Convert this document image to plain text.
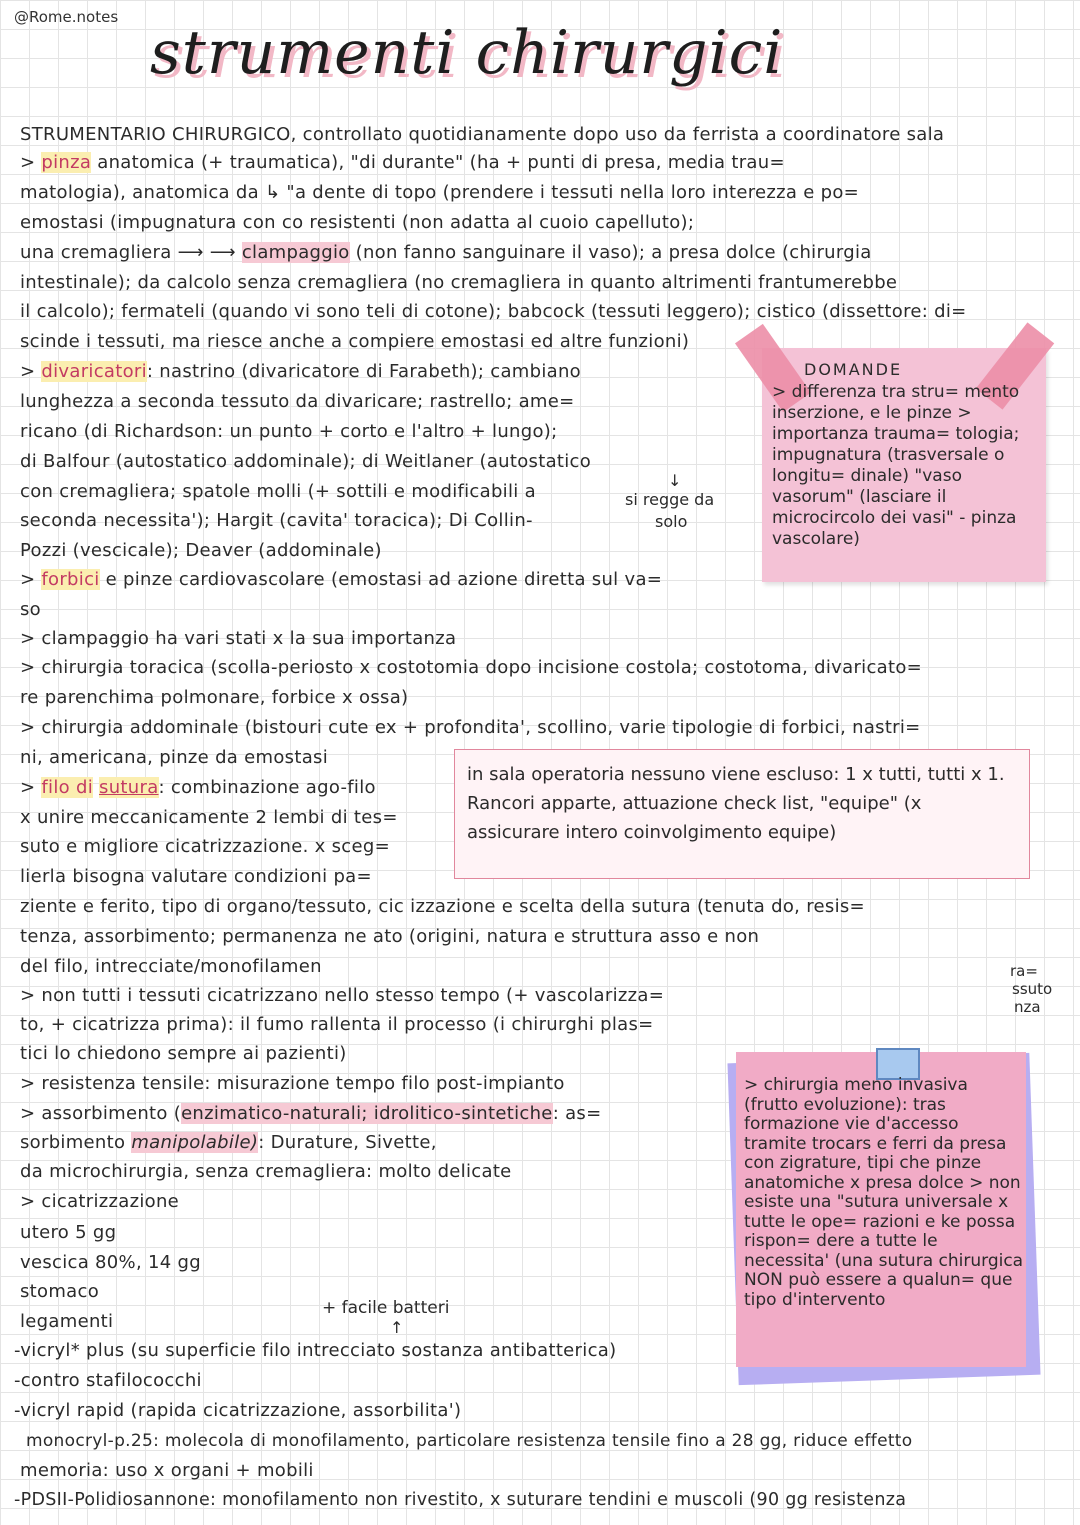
@Rome.notes
strumenti chirurgici
STRUMENTARIO CHIRURGICO, controllato quotidianamente dopo uso da ferrista a coordinatore sala
> pinza anatomica (+ traumatica), "di durante" (ha + punti di presa, media trau=
matologia), anatomica da ↳ "a dente di topo (prendere i tessuti nella loro interezza e po=
emostasi (impugnatura con co resistenti (non adatta al cuoio capelluto);
una cremagliera ⟶ ⟶ clampaggio (non fanno sanguinare il vaso); a presa dolce (chirurgia
intestinale); da calcolo senza cremagliera (no cremagliera in quanto altrimenti frantumerebbe
il calcolo); fermateli (quando vi sono teli di cotone); babcock (tessuti leggero); cistico (dissettore: di=
scinde i tessuti, ma riesce anche a compiere emostasi ed altre funzioni)
> divaricatori: nastrino (divaricatore di Farabeth); cambiano
lunghezza a seconda tessuto da divaricare; rastrello; ame=
ricano (di Richardson: un punto + corto e l'altro + lungo);
di Balfour (autostatico addominale); di Weitlaner (autostatico
↓
con cremagliera; spatole molli (+ sottili e modificabili a	si regge da
seconda necessita'); Hargit (cavita' toracica); Di Collin-	solo
Pozzi (vescicale); Deaver (addominale)
> forbici e pinze cardiovascolare (emostasi ad azione diretta sul va=
so
> clampaggio ha vari stati x la sua importanza
> chirurgia toracica (scolla-periosto x costotomia dopo incisione costola; costotoma, divaricato=
re parenchima polmonare, forbice x ossa)
> chirurgia addominale (bistouri cute ex + profondita', scollino, varie tipologie di forbici, nastri=
ni, americana, pinze da emostasi
> filo di sutura: combinazione ago-filo
x unire meccanicamente 2 lembi di tes=
suto e migliore cicatrizzazione. x sceg=
lierla bisogna valutare condizioni pa=
ziente e ferito, tipo di organo/tessuto, cic izzazione e scelta della sutura (tenuta do, resis=
tenza, assorbimento; permanenza ne ato (origini, natura e struttura asso e non
del filo, intrecciate/monofilamen	ra=
ssuto
nza
> non tutti i tessuti cicatrizzano nello stesso tempo (+ vascolarizza=
to, + cicatrizza prima): il fumo rallenta il processo (i chirurghi plas=
tici lo chiedono sempre ai pazienti)
> resistenza tensile: misurazione tempo filo post-impianto
> assorbimento (enzimatico-naturali; idrolitico-sintetiche: as=
sorbimento manipolabile): Durature, Sivette,
da microchirurgia, senza cremagliera: molto delicate
> cicatrizzazione
utero 5 gg
vescica 80%, 14 gg
stomaco
+ facile batteri
legamenti	↑
-vicryl* plus (su superficie filo intrecciato sostanza antibatterica)
-contro stafilococchi
-vicryl rapid (rapida cicatrizzazione, assorbilita')
monocryl-p.25: molecola di monofilamento, particolare resistenza tensile fino a 28 gg, riduce effetto
memoria: uso x organi + mobili
-PDSII-Polidiosannone: monofilamento non rivestito, x suturare tendini e muscoli (90 gg resistenza
DOMANDE
> differenza tra stru= mento inserzione, e le pinze > importanza trauma= tologia; impugnatura (trasversale o longitu= dinale) "vaso vasorum" (lasciare il microcircolo dei vasi" - pinza vascolare)
in sala operatoria nessuno viene escluso: 1 x tutti, tutti x 1. Rancori apparte, attuazione check list, "equipe" (x assicurare intero coinvolgimento equipe)
> chirurgia meno invasiva (frutto evoluzione): tras formazione vie d'accesso tramite trocars e ferri da presa con zigrature, tipi che pinze anatomiche x presa dolce > non esiste una "sutura universale x tutte le ope= razioni e ke possa rispon= dere a tutte le necessita' (una sutura chirurgica NON può essere a qualun= que tipo d'intervento
